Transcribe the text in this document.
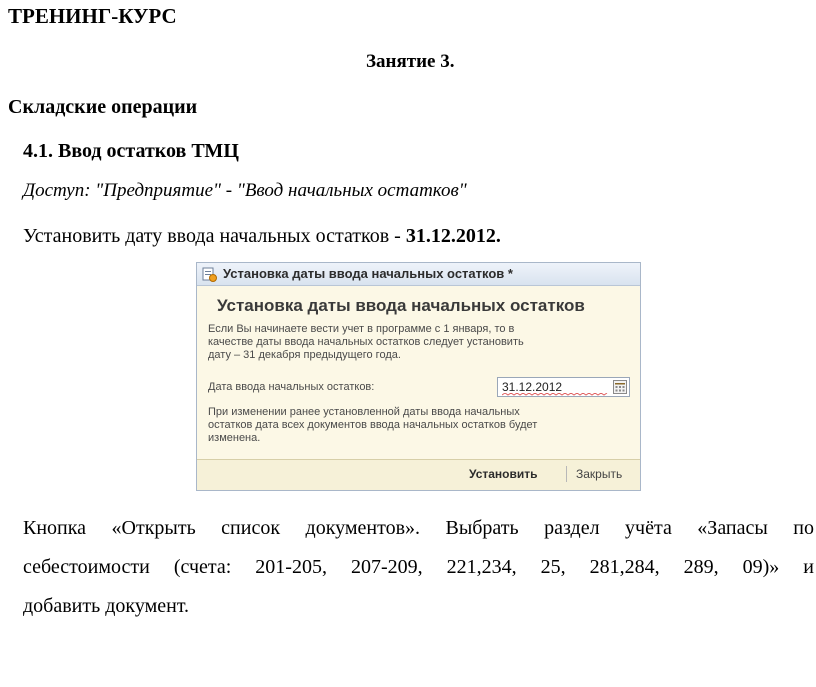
ТРЕНИНГ-КУРС
Занятие 3.
Складские операции
4.1. Ввод остатков ТМЦ
Доступ: "Предприятие" - "Ввод начальных остатков"
Установить дату ввода начальных остатков - 31.12.2012.
Установка даты ввода начальных остатков *
Установка даты ввода начальных остатков
Если Вы начинаете вести учет в программе с 1 января, то в
качестве даты ввода начальных остатков следует установить
дату – 31 декабря предыдущего года.
Дата ввода начальных остатков:	31.12.2012
При изменении ранее установленной даты ввода начальных
остатков дата всех документов ввода начальных остатков будет
изменена.
Установить	Закрыть
Кнопка «Открыть список документов». Выбрать раздел учёта «Запасы по
себестоимости (счета: 201-205, 207-209, 221,234, 25, 281,284, 289, 09)» и
добавить документ.
